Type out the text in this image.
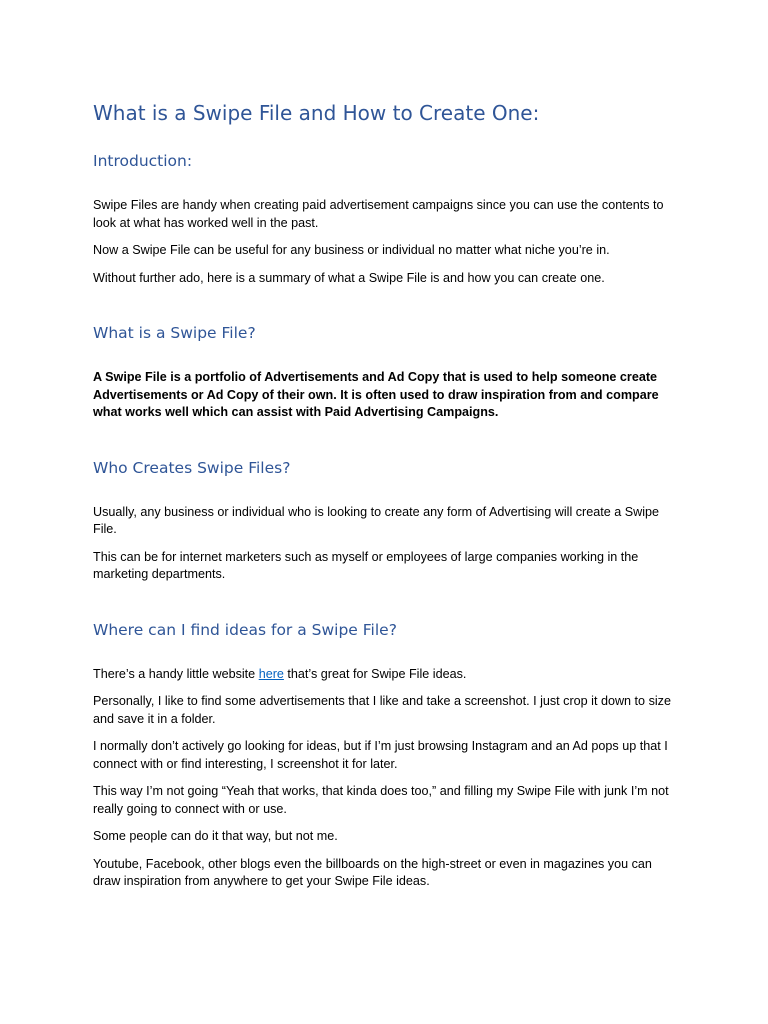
What is a Swipe File and How to Create One:
Introduction:

Swipe Files are handy when creating paid advertisement campaigns since you can use the contents to look at what has worked well in the past.

Now a Swipe File can be useful for any business or individual no matter what niche you’re in.

Without further ado, here is a summary of what a Swipe File is and how you can create one.

What is a Swipe File?

A Swipe File is a portfolio of Advertisements and Ad Copy that is used to help someone create Advertisements or Ad Copy of their own. It is often used to draw inspiration from and compare what works well which can assist with Paid Advertising Campaigns.

Who Creates Swipe Files?

Usually, any business or individual who is looking to create any form of Advertising will create a Swipe File.

This can be for internet marketers such as myself or employees of large companies working in the marketing departments.

Where can I find ideas for a Swipe File?

There’s a handy little website here that’s great for Swipe File ideas.

Personally, I like to find some advertisements that I like and take a screenshot. I just crop it down to size and save it in a folder.

I normally don’t actively go looking for ideas, but if I’m just browsing Instagram and an Ad pops up that I connect with or find interesting, I screenshot it for later.

This way I’m not going “Yeah that works, that kinda does too,” and filling my Swipe File with junk I’m not really going to connect with or use.

Some people can do it that way, but not me.

Youtube, Facebook, other blogs even the billboards on the high-street or even in magazines you can draw inspiration from anywhere to get your Swipe File ideas.
